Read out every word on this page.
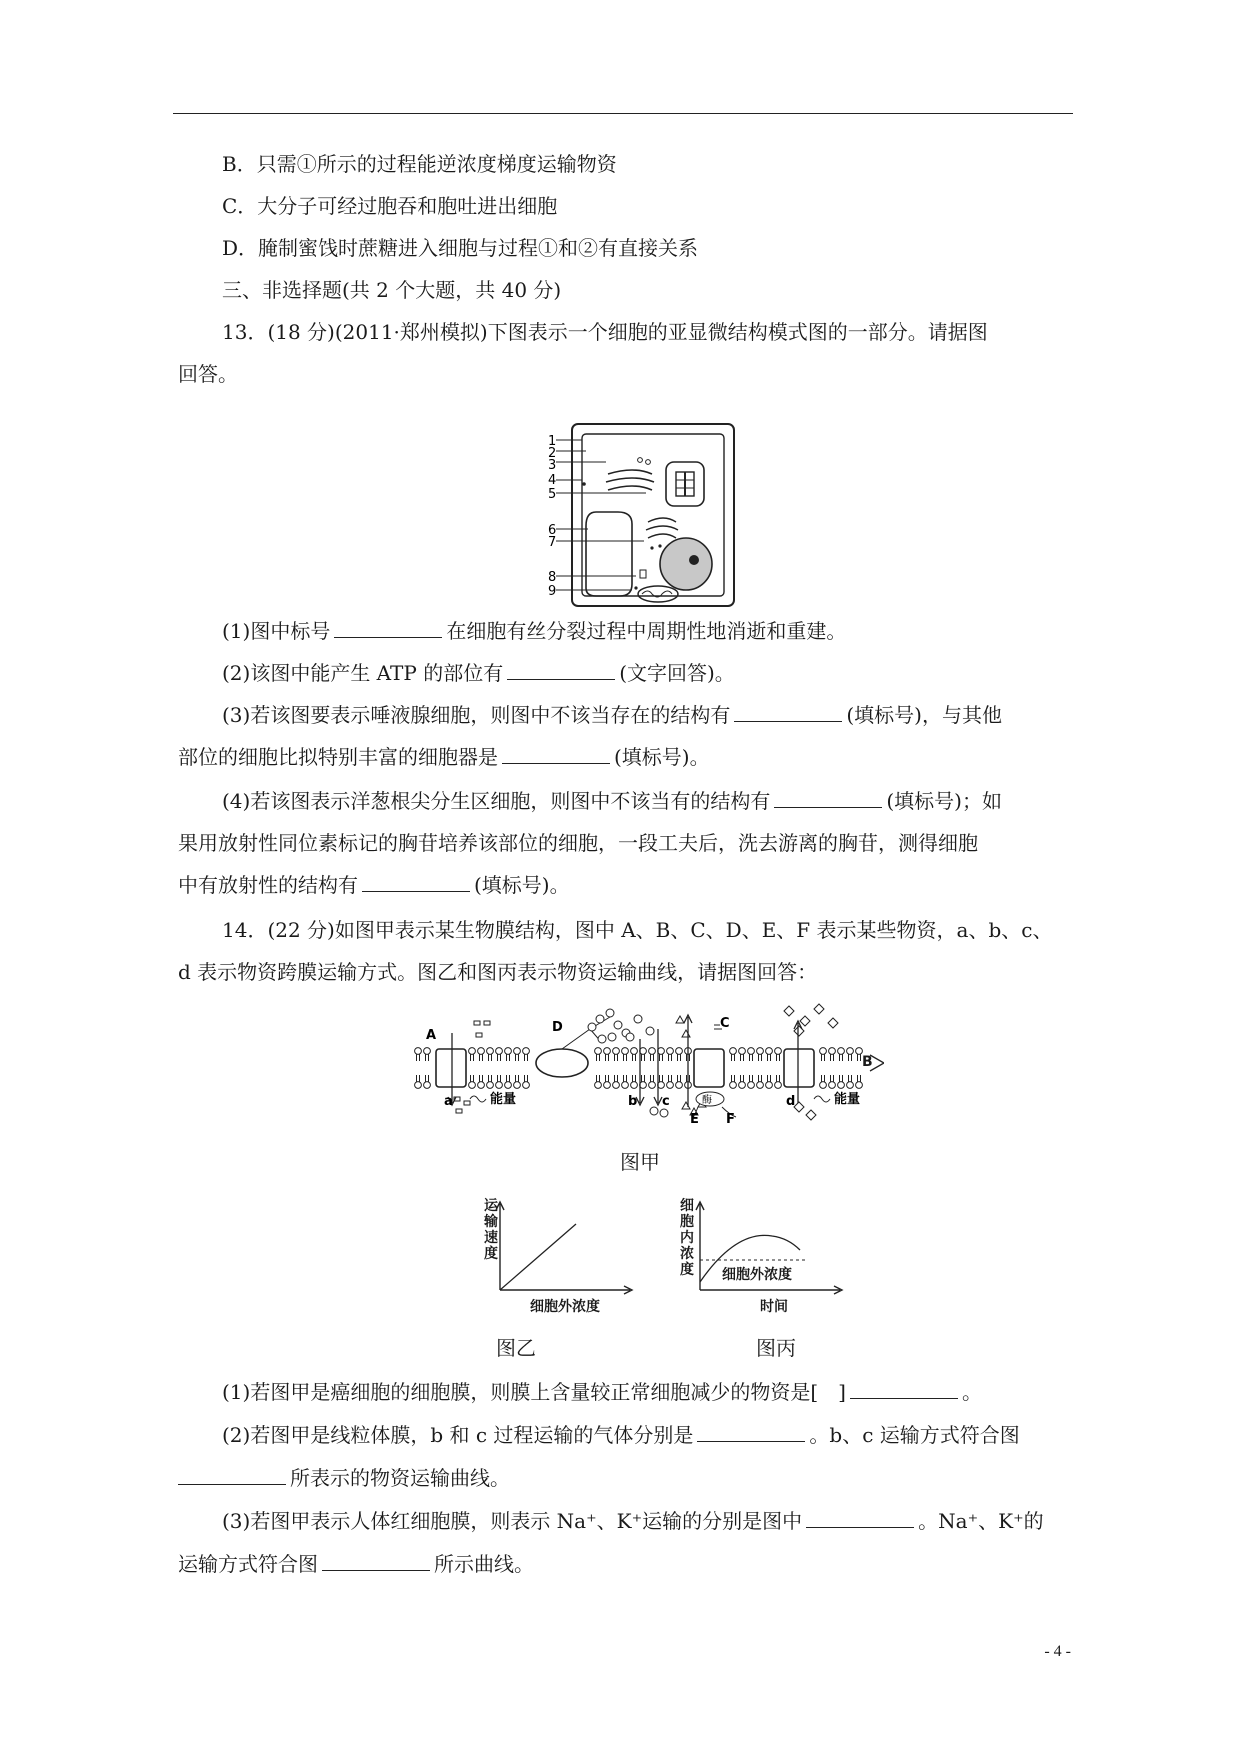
B．只需①所示的过程能逆浓度梯度运输物资
C．大分子可经过胞吞和胞吐进出细胞
D．腌制蜜饯时蔗糖进入细胞与过程①和②有直接关系
三、非选择题(共 2 个大题，共 40 分)
13．(18 分)(2011·郑州模拟)下图表示一个细胞的亚显微结构模式图的一部分。请据图
回答。
1
2
3
4
5
6
7
8
9
(1)图中标号	在细胞有丝分裂过程中周期性地消逝和重建。
(2)该图中能产生 ATP 的部位有	(文字回答)。
(3)若该图要表示唾液腺细胞，则图中不该当存在的结构有	(填标号)，与其他
部位的细胞比拟特别丰富的细胞器是	(填标号)。
(4)若该图表示洋葱根尖分生区细胞，则图中不该当有的结构有	(填标号)；如
果用放射性同位素标记的胸苷培养该部位的细胞，一段工夫后，洗去游离的胸苷，测得细胞
中有放射性的结构有	(填标号)。
14．(22 分)如图甲表示某生物膜结构，图中 A、B、C、D、E、F 表示某些物资，a、b、c、
d 表示物资跨膜运输方式。图乙和图丙表示物资运输曲线，请据图回答：
A
C
D
E F
a	b c	d
能量	能量
酶
B
图甲
运输速度
细胞外浓度
图乙
细胞内浓度 细胞外浓度
时间
图丙
(1)若图甲是癌细胞的细胞膜，则膜上含量较正常细胞减少的物资是[　]	。
(2)若图甲是线粒体膜，b 和 c 过程运输的气体分别是	。b、c 运输方式符合图
所表示的物资运输曲线。
(3)若图甲表示人体红细胞膜，则表示 Na⁺、K⁺运输的分别是图中	。Na⁺、K⁺的
运输方式符合图	所示曲线。
- 4 -
